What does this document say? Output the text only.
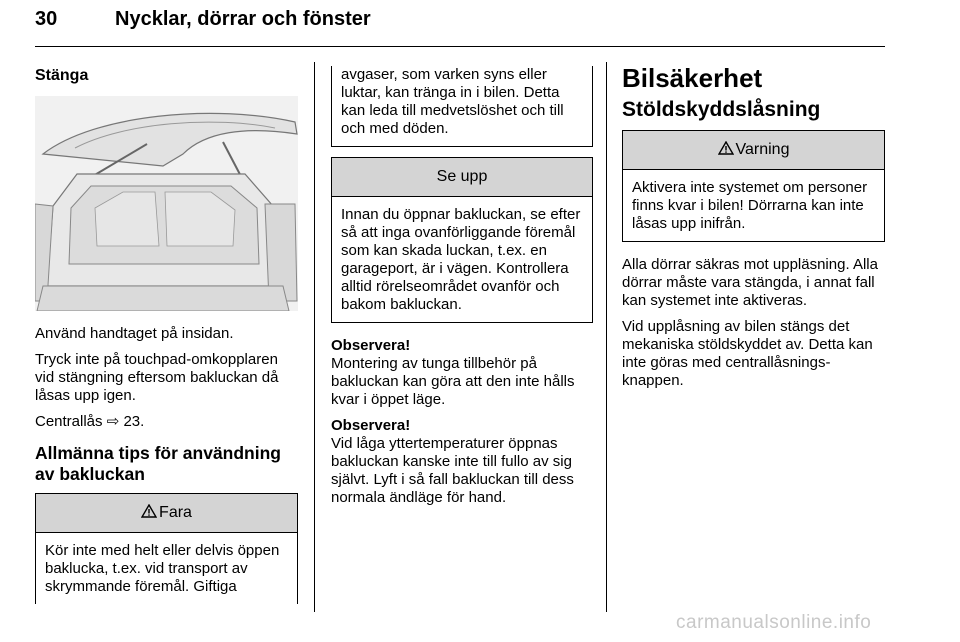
30	Nycklar, dörrar och fönster
Stänga

Använd handtaget på insidan.

Tryck inte på touchpad-omkopplaren vid stängning eftersom bakluckan då låsas upp igen.

Centrallås ⇨ 23.

Allmänna tips för användning av bakluckan
Fara
Kör inte med helt eller delvis öppen baklucka, t.ex. vid transport av skrymmande föremål. Giftiga
avgaser, som varken syns eller luktar, kan tränga in i bilen. Detta kan leda till medvetslöshet och till och med döden.
Se upp
Innan du öppnar bakluckan, se efter så att inga ovanförliggande föremål som kan skada luckan, t.ex. en garageport, är i vägen. Kontrollera alltid rörelseområdet ovanför och bakom bakluckan.
Observera!

Montering av tunga tillbehör på bakluckan kan göra att den inte hålls kvar i öppet läge.

Observera!

Vid låga yttertemperaturer öppnas bakluckan kanske inte till fullo av sig självt. Lyft i så fall bakluckan till dess normala ändläge för hand.

Bilsäkerhet
Stöldskyddslåsning
Varning
Aktivera inte systemet om personer finns kvar i bilen! Dörrarna kan inte låsas upp inifrån.

Alla dörrar säkras mot uppläsning. Alla dörrar måste vara stängda, i annat fall kan systemet inte aktiveras.

Vid upplåsning av bilen stängs det mekaniska stöldskyddet av. Detta kan inte göras med centrallåsnings-knappen.

carmanualsonline.info
